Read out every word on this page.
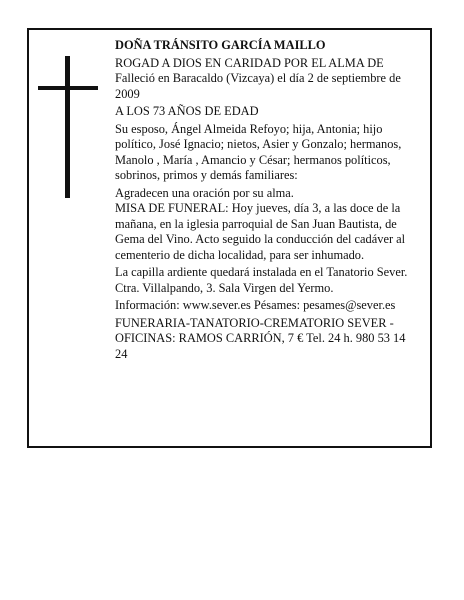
DOÑA TRÁNSITO GARCÍA MAILLO

ROGAD A DIOS EN CARIDAD POR EL ALMA DE

Falleció en Baracaldo (Vizcaya) el día 2 de septiembre de 2009

A LOS 73 AÑOS DE EDAD

Su esposo, Ángel Almeida Refoyo; hija, Antonia; hijo político, José Ignacio; nietos, Asier y Gonzalo; hermanos, Manolo , María , Amancio y César; hermanos políticos, sobrinos, primos y demás familiares:

Agradecen una oración por su alma.

MISA DE FUNERAL: Hoy jueves, día 3, a las doce de la mañana, en la iglesia parroquial de San Juan Bautista, de Gema del Vino. Acto seguido la conducción del cadáver al cementerio de dicha localidad, para ser inhumado.

La capilla ardiente quedará instalada en el Tanatorio Sever. Ctra. Villalpando, 3. Sala Virgen del Yermo.

Información: www.sever.es Pésames: pesames@sever.es

FUNERARIA-TANATORIO-CREMATORIO SEVER - OFICINAS: RAMOS CARRIÓN, 7 € Tel. 24 h. 980 53 14 24
